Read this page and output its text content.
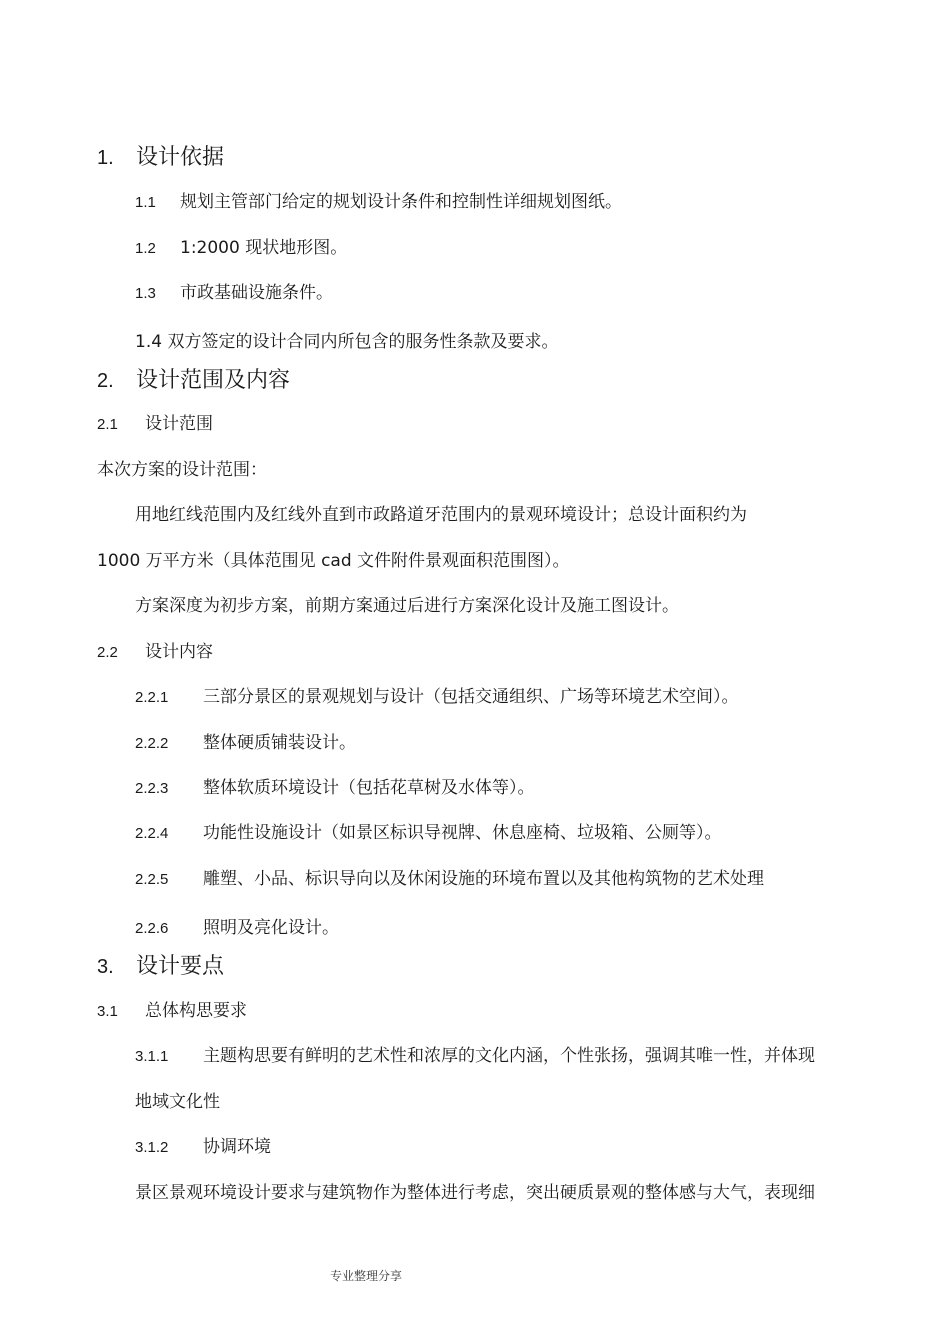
1. 设计依据
1.1 规划主管部门给定的规划设计条件和控制性详细规划图纸。
1.2 1:2000 现状地形图。
1.3 市政基础设施条件。
1.4 双方签定的设计合同内所包含的服务性条款及要求。
2. 设计范围及内容
2.1 设计范围
本次方案的设计范围：
用地红线范围内及红线外直到市政路道牙范围内的景观环境设计；总设计面积约为
1000 万平方米（具体范围见 cad 文件附件景观面积范围图）。
方案深度为初步方案，前期方案通过后进行方案深化设计及施工图设计。
2.2 设计内容
2.2.1 三部分景区的景观规划与设计（包括交通组织、广场等环境艺术空间）。
2.2.2 整体硬质铺装设计。
2.2.3 整体软质环境设计（包括花草树及水体等）。
2.2.4 功能性设施设计（如景区标识导视牌、休息座椅、垃圾箱、公厕等）。
2.2.5 雕塑、小品、标识导向以及休闲设施的环境布置以及其他构筑物的艺术处理
2.2.6 照明及亮化设计。
3. 设计要点
3.1 总体构思要求
3.1.1 主题构思要有鲜明的艺术性和浓厚的文化内涵，个性张扬，强调其唯一性，并体现
地域文化性
3.1.2 协调环境
景区景观环境设计要求与建筑物作为整体进行考虑，突出硬质景观的整体感与大气，表现细
专业整理分享
